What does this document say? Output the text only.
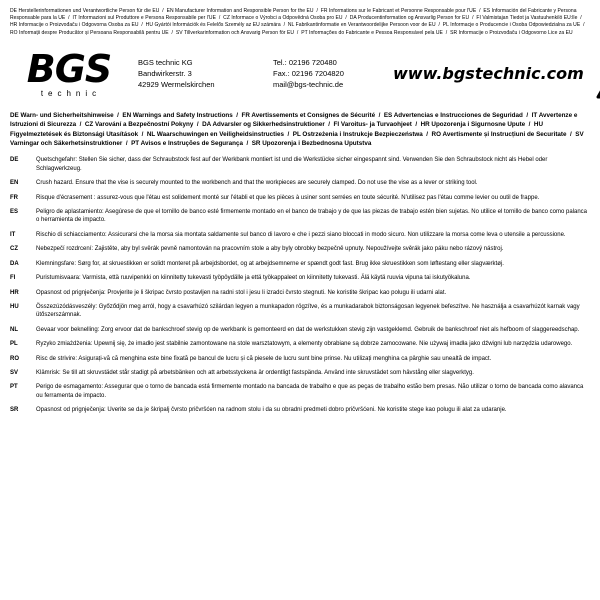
DE Herstellerinformationen und Verantwortliche Person für die EU  /  EN Manufacturer Information and Responsible Person for the EU  /  FR Informations sur le Fabricant et Personne Responsable pour l'UE  /  ES Información del Fabricante y Persona Responsable para la UE  /  IT Informazioni sul Produttore e Persona Responsabile per l'UE  /  CZ Informace o Výrobci a Odpovědná Osoba pro EU  /  DA Producentinformation og Ansvarlig Person for EU  /  FI Valmistajan Tiedot ja Vastuuhenkilö EU:lle  /  HR Informacije o Proizvođaču i Odgovorna Osoba za EU  /  HU Gyártói Információk és Felelős Személy az EU számára  /  NL Fabrikantinformatie en Verantwoordelijke Persoon voor de EU  /  PL Informacje o Producencie i Osoba Odpowiedzialna za UE  /  RO Informații despre Producător și Persoana Responsabilă pentru UE  /  SV Tillverkarinformation och Ansvarig Person för EU  /  PT Informações do Fabricante e Pessoa Responsável pela UE  /  SR Informacije o Proizvođaču i Odgovorno Lice za EU
BGS
technic
BGS technic KG
Bandwirkerstr. 3
42929 Wermelskirchen
Tel.: 02196 720480
Fax.: 02196 7204820
mail@bgs-technic.de
www.bgstechnic.com
DE Warn- und Sicherheitshinweise  /  EN Warnings and Safety Instructions  /  FR Avertissements et Consignes de Sécurité  /  ES Advertencias e Instrucciones de Seguridad  /  IT Avvertenze e Istruzioni di Sicurezza  /  CZ Varování a Bezpečnostní Pokyny  /  DA Advarsler og Sikkerhedsinstruktioner  /  FI Varoitus- ja Turvaohjeet  /  HR Upozorenja i Sigurnosne Upute  /  HU Figyelmeztetések és Biztonsági Utasítások  /  NL Waarschuwingen en Veiligheidsinstructies  /  PL Ostrzeżenia i Instrukcje Bezpieczeństwa  /  RO Avertismente și Instrucțiuni de Securitate  /  SV Varningar och Säkerhetsinstruktioner  /  PT Avisos e Instruções de Segurança  /  SR Upozorenja i Bezbednosna Uputstva
DE	Quetschgefahr: Stellen Sie sicher, dass der Schraubstock fest auf der Werkbank montiert ist und die Werkstücke sicher eingespannt sind. Verwenden Sie den Schraubstock nicht als Hebel oder Schlagwerkzeug.
EN	Crush hazard. Ensure that the vise is securely mounted to the workbench and that the workpieces are securely clamped. Do not use the vise as a lever or striking tool.
FR	Risque d'écrasement : assurez-vous que l'étau est solidement monté sur l'établi et que les pièces à usiner sont serrées en toute sécurité. N'utilisez pas l'étau comme levier ou outil de frappe.
ES	Peligro de aplastamiento: Asegúrese de que el tornillo de banco esté firmemente montado en el banco de trabajo y de que las piezas de trabajo estén bien sujetas. No utilice el tornillo de banco como palanca o herramienta de impacto.
IT	Rischio di schiacciamento: Assicurarsi che la morsa sia montata saldamente sul banco di lavoro e che i pezzi siano bloccati in modo sicuro. Non utilizzare la morsa come leva o utensile a percussione.
CZ	Nebezpečí rozdrcení: Zajistěte, aby byl svěrák pevně namontován na pracovním stole a aby byly obrobky bezpečně upnuty. Nepoužívejte svěrák jako páku nebo rázový nástroj.
DA	Klemningsfare: Sørg for, at skruestikken er solidt monteret på arbejdsbordet, og at arbejdsemnerne er spændt godt fast. Brug ikke skruestikken som løftestang eller slagværktøj.
FI	Puristumisvaara: Varmista, että ruuvipenkki on kiinnitetty tukevasti työpöydälle ja että työkappaleet on kiinnitetty tukevasti. Älä käytä ruuvia vipuna tai iskutyökaluna.
HR	Opasnost od prignječenja: Provjerite je li škripac čvrsto postavljen na radni stol i jesu li izradci čvrsto stegnuti. Ne koristite škripac kao polugu ili udarni alat.
HU	Összezúzódásveszély: Győződjön meg arról, hogy a csavarhúzó szilárdan legyen a munkapadon rögzítve, és a munkadarabok biztonságosan legyenek befeszítve. Ne használja a csavarhúzót karnak vagy ütőszerszámnak.
NL	Gevaar voor beknelling: Zorg ervoor dat de bankschroef stevig op de werkbank is gemonteerd en dat de werkstukken stevig zijn vastgeklemd. Gebruik de bankschroef niet als hefboom of slaggereedschap.
PL	Ryzyko zmiażdżenia: Upewnij się, że imadło jest stabilnie zamontowane na stole warsztatowym, a elementy obrabiane są dobrze zamocowane. Nie używaj imadła jako dźwigni lub narzędzia udarowego.
RO	Risc de strivire: Asigurați-vă că menghina este bine fixată pe bancul de lucru și că piesele de lucru sunt bine prinse. Nu utilizați menghina ca pârghie sau unealtă de impact.
SV	Klämrisk: Se till att skruvstädet står stadigt på arbetsbänken och att arbetsstyckena är ordentligt fastspända. Använd inte skruvstädet som hävstång eller slagverktyg.
PT	Perigo de esmagamento: Assegurar que o torno de bancada está firmemente montado na bancada de trabalho e que as peças de trabalho estão bem presas. Não utilizar o torno de bancada como alavanca ou ferramenta de impacto.
SR	Opasnost od prignječenja: Uverite se da je škripalj čvrsto pričvršćen na radnom stolu i da su obradni predmeti dobro pričvršćeni. Ne koristite stege kao polugu ili alat za udaranje.
